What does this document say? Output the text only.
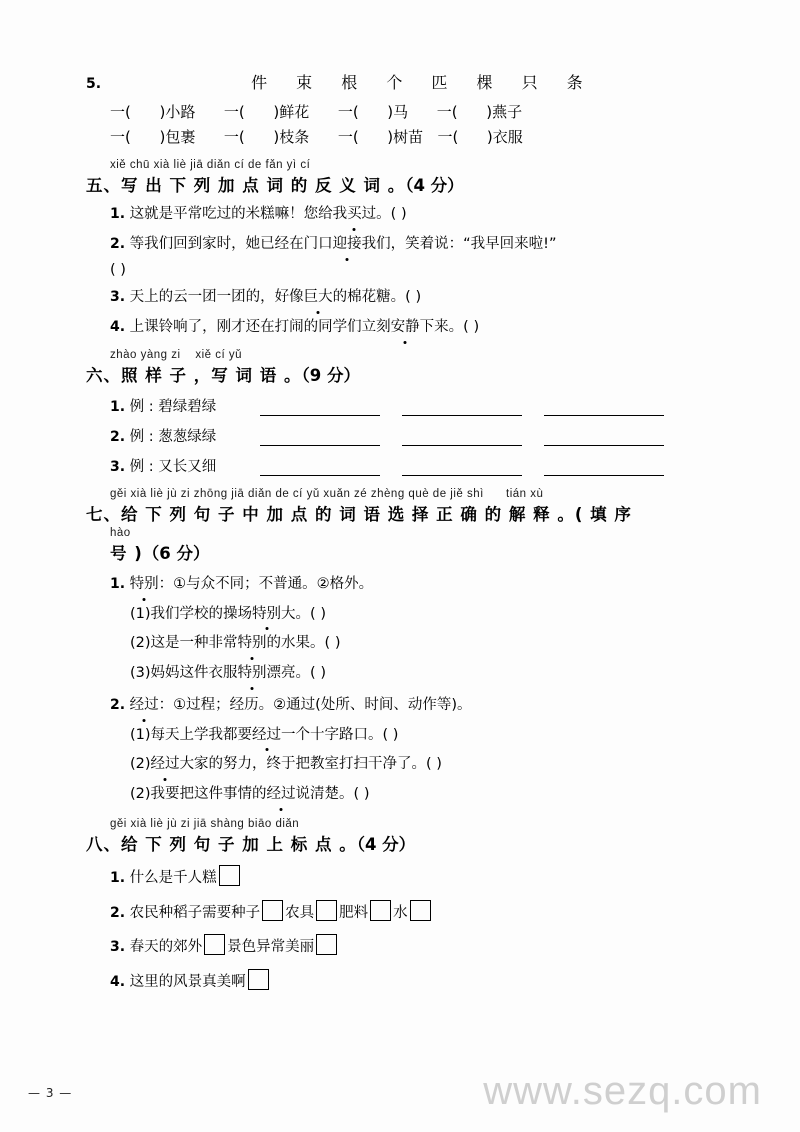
5.	件 束 根 个 匹 棵 只 条
一(      )小路      一(      )鲜花      一(      )马      一(      )燕子
一(      )包裹      一(      )枝条      一(      )树苗   一(      )衣服
xiě chū xià liè jiā diǎn cí de fǎn yì cí
五、写 出 下 列 加 点 词 的 反 义 词 。（4 分）
1. 这就是平常吃过的米糕嘛！您给我买过。( )
2. 等我们回到家时，她已经在门口迎接我们，笑着说：“我早回来啦!”
( )
3. 天上的云一团一团的，好像巨大的棉花糖。( )
4. 上课铃响了，刚才还在打闹的同学们立刻安静下来。( )
zhào yàng zi    xiě cí yǔ
六、照 样 子 ，写 词 语 。（9 分）
1. 例 : 碧绿碧绿
2. 例 : 葱葱绿绿
3. 例 : 又长又细
gěi xià liè jù zi zhōng jiā diǎn de cí yǔ xuǎn zé zhèng què de jiě shì      tián xù
七、给 下 列 句 子 中 加 点 的 词 语 选 择 正 确 的 解 释 。( 填 序
hào
号 )（6 分）
1. 特别：①与众不同；不普通。②格外。
(1)我们学校的操场特别大。( )
(2)这是一种非常特别的水果。( )
(3)妈妈这件衣服特别漂亮。( )
2. 经过：①过程；经历。②通过(处所、时间、动作等)。
(1)每天上学我都要经过一个十字路口。( )
(2)经过大家的努力，终于把教室打扫干净了。( )
(2)我要把这件事情的经过说清楚。( )
gěi xià liè jù zi jiā shàng biāo diǎn
八、给 下 列 句 子 加 上 标 点 。（4 分）
1. 什么是千人糕
2. 农民种稻子需要种子 农具 肥料 水
3. 春天的郊外 景色异常美丽
4. 这里的风景真美啊
— 3 —	www.sezq.com
